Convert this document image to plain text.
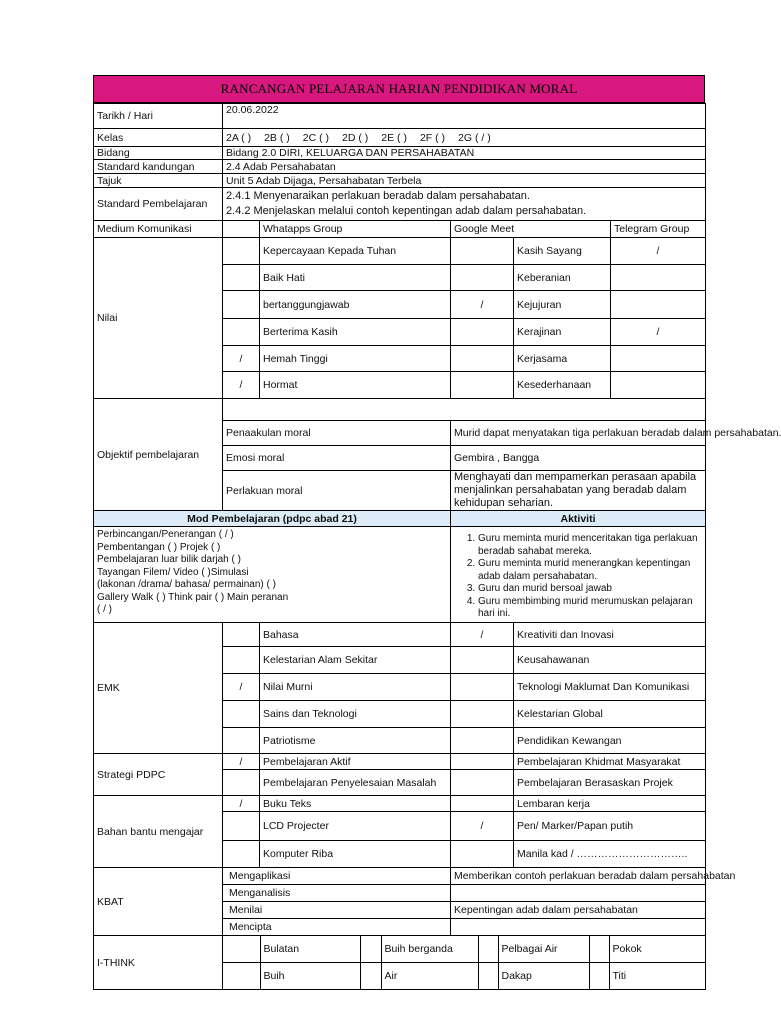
RANCANGAN PELAJARAN HARIAN PENDIDIKAN MORAL
Tarikh / Hari	20.06.2022
Kelas	2A ( ) 2B ( ) 2C ( ) 2D ( ) 2E ( ) 2F ( ) 2G ( / )
Bidang	Bidang 2.0 DIRI, KELUARGA DAN PERSAHABATAN
Standard kandungan	2.4 Adab Persahabatan
Tajuk	Unit 5 Adab Dijaga, Persahabatan Terbela
Standard Pembelajaran	
2.4.1 Menyenaraikan perlakuan beradab dalam persahabatan.
2.4.2 Menjelaskan melalui contoh kepentingan adab dalam persahabatan.

Medium Komunikasi		Whatapps Group	Google Meet	Telegram Group
Nilai		Kepercayaan Kepada Tuhan		Kasih Sayang	/	
	Baik Hati		Keberanian		
	bertanggungjawab	/	Kejujuran		
	Berterima Kasih		Kerajinan	/	
/	Hemah Tinggi		Kerjasama		
/	Hormat		Kesederhanaan		
Objektif pembelajaran	
Penaakulan moral	Murid dapat menyatakan tiga perlakuan beradab dalam persahabatan.
Emosi moral	Gembira , Bangga
Perlakuan moral	Menghayati dan mempamerkan perasaan apabila menjalinkan persahabatan yang beradab dalam kehidupan seharian.
Mod Pembelajaran (pdpc abad 21)	Aktiviti

Perbincangan/Penerangan ( / )
Pembentangan ( ) Projek ( )
Pembelajaran luar bilik darjah ( )
Tayangan Filem/ Video ( )Simulasi
(lakonan /drama/ bahasa/ permainan) ( )
Gallery Walk ( ) Think pair ( ) Main peranan
( / )

1. Guru meminta murid menceritakan tiga perlakuan beradab sahabat mereka.
2. Guru meminta murid menerangkan kepentingan adab dalam persahabatan.
3. Guru dan murid bersoal jawab
4. Guru membimbing murid merumuskan pelajaran hari ini.

EMK		Bahasa	/	Kreativiti dan Inovasi
	Kelestarian Alam Sekitar		Keusahawanan
/	Nilai Murni		Teknologi Maklumat Dan Komunikasi
	Sains dan Teknologi		Kelestarian Global
	Patriotisme		Pendidikan Kewangan
Strategi PDPC	/	Pembelajaran Aktif		Pembelajaran Khidmat Masyarakat
	Pembelajaran Penyelesaian Masalah		Pembelajaran Berasaskan Projek
Bahan bantu mengajar	/	Buku Teks		Lembaran kerja
	LCD Projecter	/	Pen/ Marker/Papan putih
	Komputer Riba		Manila kad / …………………………..
KBAT	Mengaplikasi	Memberikan contoh perlakuan beradab dalam persahabatan
Menganalisis	
Menilai	Kepentingan adab dalam persahabatan
Mencipta	
I-THINK	
	Bulatan		Buih berganda		Pelbagai Air		Pokok

	Buih		Air		Dakap		Titi
